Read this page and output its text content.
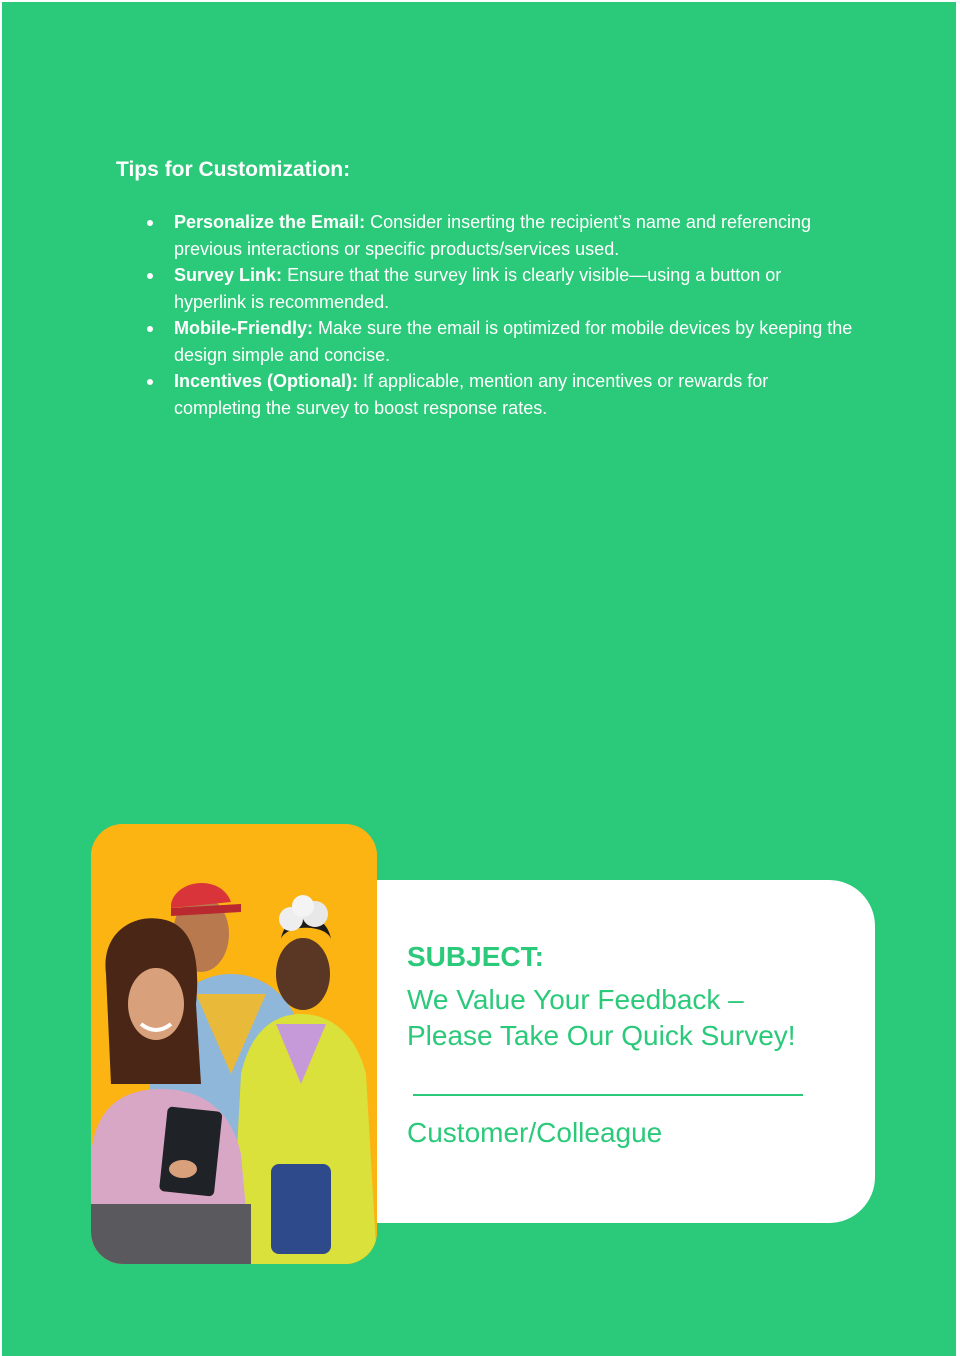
Tips for Customization:
Personalize the Email: Consider inserting the recipient’s name and referencing previous interactions or specific products/services used.
Survey Link: Ensure that the survey link is clearly visible—using a button or hyperlink is recommended.
Mobile-Friendly: Make sure the email is optimized for mobile devices by keeping the design simple and concise.
Incentives (Optional): If applicable, mention any incentives or rewards for completing the survey to boost response rates.

SUBJECT:

We Value Your Feedback –
Please Take Our Quick Survey!

Customer/Colleague
